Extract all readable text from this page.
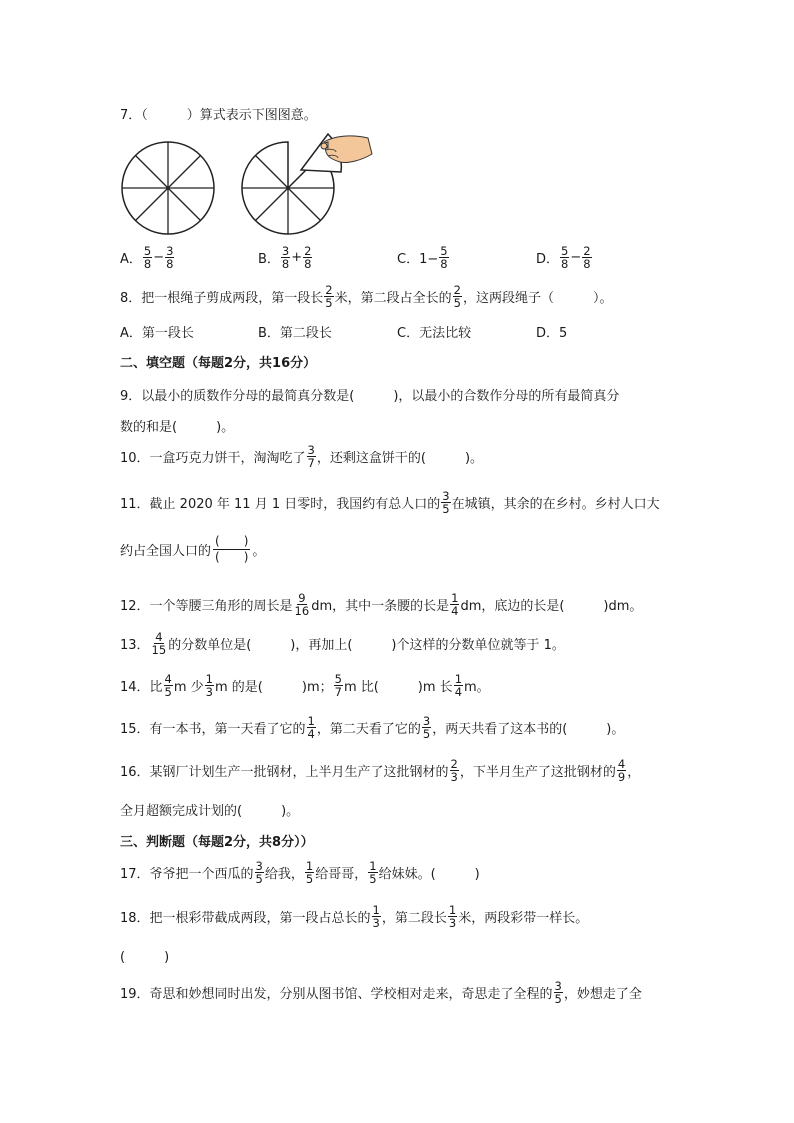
7．（　　　）算式表示下图图意。
A． $\frac{5}{8} - \frac{3}{8}$	B． $\frac{3}{8} + \frac{2}{8}$	C．$1- \frac{5}{8}$	D． $\frac{5}{8} - \frac{2}{8}$
8．把一根绳子剪成两段，第一段长 $\frac{2}{5}$ 米，第二段占全长的 $\frac{2}{5}$ ，这两段绳子（　　　）。
A．第一段长	B．第二段长	C．无法比较	D．5
二、填空题（每题2分，共16分）
9．以最小的质数作分母的最简真分数是(　　　)，以最小的合数作分母的所有最简真分
数的和是(　　　)。
10．一盒巧克力饼干，淘淘吃了 $\frac{3}{7}$ ，还剩这盒饼干的(　　　)。
11．截止 2020 年 11 月 1 日零时，我国约有总人口的 $\frac{3}{5}$ 在城镇，其余的在乡村。乡村人口大
约占全国人口的 $\frac{( )}{( )}$ 。
12．一个等腰三角形的周长是 $\frac{9}{16}$ dm，其中一条腰的长是 $\frac{1}{4}$ dm，底边的长是(　　　)dm。
13． $\frac{4}{15}$ 的分数单位是(　　　)，再加上(　　　)个这样的分数单位就等于 1。
14．比 $\frac{4}{5}$ m 少 $\frac{1}{3}$ m 的是(　　　)m； $\frac{5}{7}$ m 比(　　　)m 长 $\frac{1}{4}$ m。
15．有一本书，第一天看了它的 $\frac{1}{4}$ ，第二天看了它的 $\frac{3}{5}$ ，两天共看了这本书的(　　　)。
16．某钢厂计划生产一批钢材，上半月生产了这批钢材的 $\frac{2}{3}$ ，下半月生产了这批钢材的 $\frac{4}{9}$ ，
全月超额完成计划的(　　　)。
三、判断题（每题2分，共8分））
17．爷爷把一个西瓜的 $\frac{3}{5}$ 给我， $\frac{1}{5}$ 给哥哥， $\frac{1}{5}$ 给妹妹。(　　　)
18．把一根彩带截成两段，第一段占总长的 $\frac{1}{3}$ ，第二段长 $\frac{1}{3}$ 米，两段彩带一样长。
(　　　)
19．奇思和妙想同时出发，分别从图书馆、学校相对走来，奇思走了全程的 $\frac{3}{5}$ ，妙想走了全
